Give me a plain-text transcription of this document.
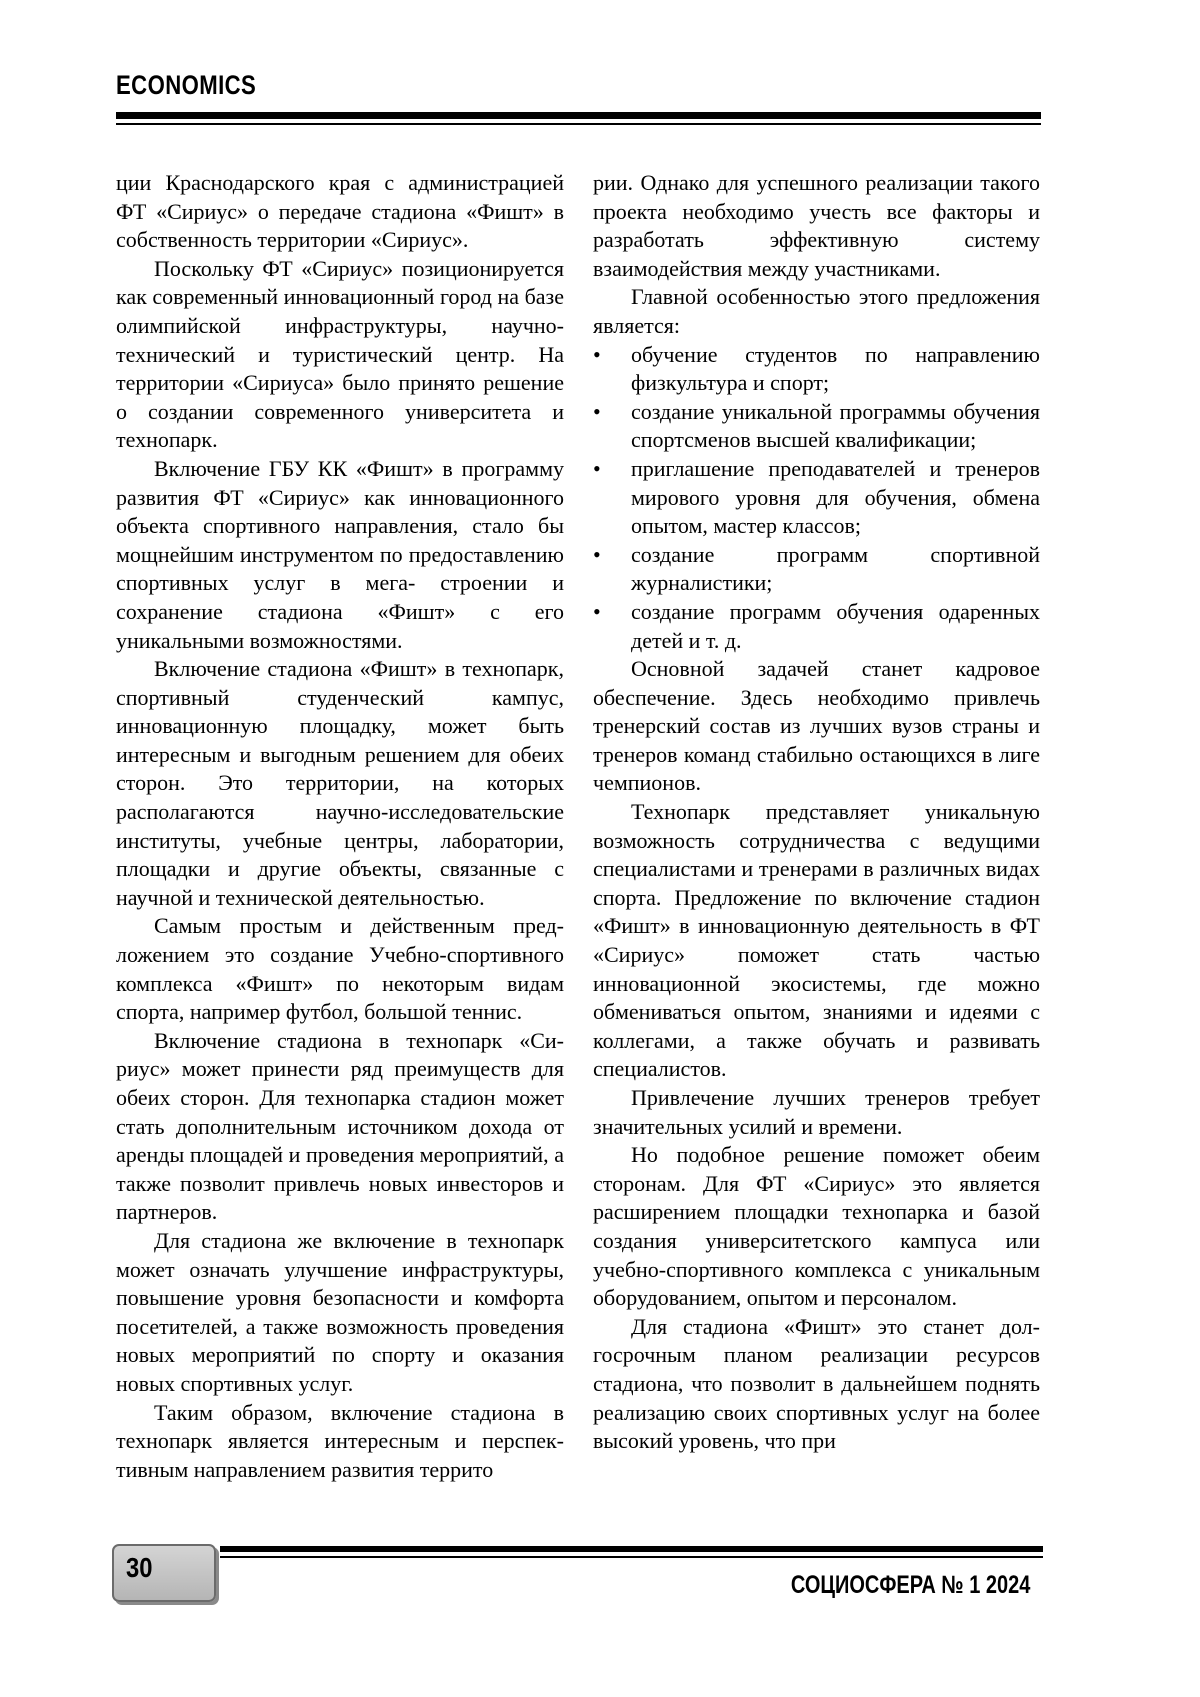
ECONOMICS

ции Краснодарского края с администрацией ФТ «Сириус» о передаче стадиона «Фишт» в собственность территории «Сириус».

Поскольку ФТ «Сириус» позиционируется как современный инновационный город на базе олимпийской инфраструктуры, научно-технический и туристический центр. На территории «Сириуса» было принято решение о создании современного университета и технопарк.

Включение ГБУ КК «Фишт» в программу развития ФТ «Сириус» как инновационного объекта спортивного направления, стало бы мощнейшим инструментом по предоставлению спортивных услуг в мега- строении и сохранение стадиона «Фишт» с его уникальными возможностями.

Включение стадиона «Фишт» в технопарк, спортивный студенческий кампус, инновационную площадку, может быть интересным и выгодным решением для обеих сторон. Это территории, на которых располагаются научно-исследовательские институты, учебные центры, лаборатории, площадки и другие объекты, связанные с научной и технической деятельностью.

Самым простым и действенным предложением это создание Учебно-спортивного комплекса «Фишт» по некоторым видам спорта, например футбол, большой теннис.

Включение стадиона в технопарк «Сириус» может принести ряд преимуществ для обеих сторон. Для технопарка стадион может стать дополнительным источником дохода от аренды площадей и проведения мероприятий, а также позволит привлечь новых инвесторов и партнеров.

Для стадиона же включение в технопарк может означать улучшение инфраструктуры, повышение уровня безопасности и комфорта посетителей, а также возможность проведения новых мероприятий по спорту и оказания новых спортивных услуг.

Таким образом, включение стадиона в технопарк является интересным и перспективным направлением развития террито

рии. Однако для успешного реализации такого проекта необходимо учесть все факторы и разработать эффективную систему взаимодействия между участниками.

Главной особенностью этого предложения является:

• обучение студентов по направлению физкультура и спорт;
• создание уникальной программы обучения спортсменов высшей квалификации;
• приглашение преподавателей и тренеров мирового уровня для обучения, обмена опытом, мастер классов;
• создание программ спортивной журналистики;
• создание программ обучения одаренных детей и т. д.

Основной задачей станет кадровое обеспечение. Здесь необходимо привлечь тренерский состав из лучших вузов страны и тренеров команд стабильно остающихся в лиге чемпионов.

Технопарк представляет уникальную возможность сотрудничества с ведущими специалистами и тренерами в различных видах спорта. Предложение по включение стадион «Фишт» в инновационную деятельность в ФТ «Сириус» поможет стать частью инновационной экосистемы, где можно обмениваться опытом, знаниями и идеями с коллегами, а также обучать и развивать специалистов.

Привлечение лучших тренеров требует значительных усилий и времени.

Но подобное решение поможет обеим сторонам. Для ФТ «Сириус» это является расширением площадки технопарка и базой создания университетского кампуса или учебно-спортивного комплекса с уникальным оборудованием, опытом и персоналом.

Для стадиона «Фишт» это станет долгосрочным планом реализации ресурсов стадиона, что позволит в дальнейшем поднять реализацию своих спортивных услуг на более высокий уровень, что при

30
СОЦИОСФЕРА № 1 2024
